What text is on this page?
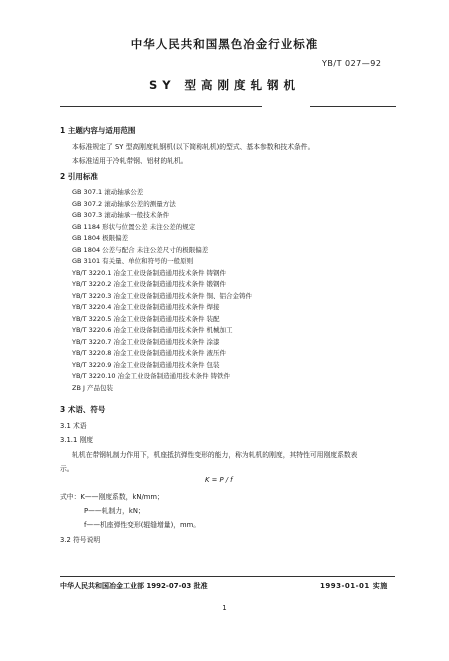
中华人民共和国黑色冶金行业标准
YB/T 027—92
SY 型高刚度轧钢机
1 主题内容与适用范围
本标准规定了 SY 型高刚度轧钢机(以下简称轧机)的型式、基本参数和技术条件。
本标准适用于冷轧带钢、铝材的轧机。
2 引用标准
GB 307.1 滚动轴承公差
GB 307.2 滚动轴承公差的测量方法
GB 307.3 滚动轴承一般技术条件
GB 1184 形状与位置公差 未注公差的规定
GB 1804 极限偏差
GB 1804 公差与配合 未注公差尺寸的极限偏差
GB 3101 有关量、单位和符号的一般原则
YB/T 3220.1 冶金工业设备制造通用技术条件 铸钢件
YB/T 3220.2 冶金工业设备制造通用技术条件 锻钢件
YB/T 3220.3 冶金工业设备制造通用技术条件 铜、铝合金铸件
YB/T 3220.4 冶金工业设备制造通用技术条件 焊接
YB/T 3220.5 冶金工业设备制造通用技术条件 装配
YB/T 3220.6 冶金工业设备制造通用技术条件 机械加工
YB/T 3220.7 冶金工业设备制造通用技术条件 涂漆
YB/T 3220.8 冶金工业设备制造通用技术条件 液压件
YB/T 3220.9 冶金工业设备制造通用技术条件 包装
YB/T 3220.10 冶金工业设备制造通用技术条件 铸铁件
ZB J 产品包装
3 术语、符号
3.1 术语
3.1.1 刚度
轧机在带钢轧制力作用下，机座抵抗弹性变形的能力，称为轧机的刚度，其特性可用刚度系数表
示。
K = P / f
式中：K——刚度系数，kN/mm；
P——轧制力，kN；
f——机座弹性变形(辊缝增量)，mm。
3.2 符号说明
中华人民共和国冶金工业部 1992-07-03 批准	1993-01-01 实施
1
